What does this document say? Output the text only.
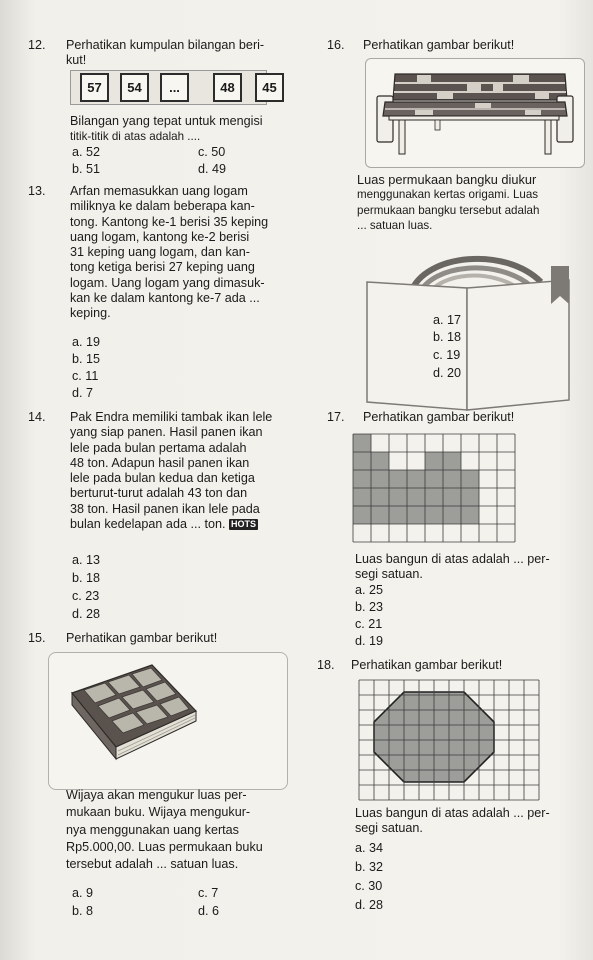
12. Perhatikan kumpulan bilangan beri-
kut!
57	54	...	48	45
Bilangan yang tepat untuk mengisi
titik-titik di atas adalah ....
a. 52
b. 51
c. 50
d. 49
13. Arfan memasukkan uang logam
miliknya ke dalam beberapa kan-
tong. Kantong ke-1 berisi 35 keping
uang logam, kantong ke-2 berisi
31 keping uang logam, dan kan-
tong ketiga berisi 27 keping uang
logam. Uang logam yang dimasuk-
kan ke dalam kantong ke-7 ada ...
keping.
a. 19
b. 15
c. 11
d. 7
14. Pak Endra memiliki tambak ikan lele
yang siap panen. Hasil panen ikan
lele pada bulan pertama adalah
48 ton. Adapun hasil panen ikan
lele pada bulan kedua dan ketiga
berturut-turut adalah 43 ton dan
38 ton. Hasil panen ikan lele pada
bulan kedelapan ada ... ton. HOTS
a. 13
b. 18
c. 23
d. 28
15. Perhatikan gambar berikut!
Wijaya akan mengukur luas per-
mukaan buku. Wijaya mengukur-
nya menggunakan uang kertas
Rp5.000,00. Luas permukaan buku
tersebut adalah ... satuan luas.
a. 9
b. 8
c. 7
d. 6
16. Perhatikan gambar berikut!
Luas permukaan bangku diukur
menggunakan kertas origami. Luas
permukaan bangku tersebut adalah
... satuan luas.
a. 17
b. 18
c. 19
d. 20
17. Perhatikan gambar berikut!
Luas bangun di atas adalah ... per-
segi satuan.
a. 25
b. 23
c. 21
d. 19
18. Perhatikan gambar berikut!
Luas bangun di atas adalah ... per-
segi satuan.
a. 34
b. 32
c. 30
d. 28
